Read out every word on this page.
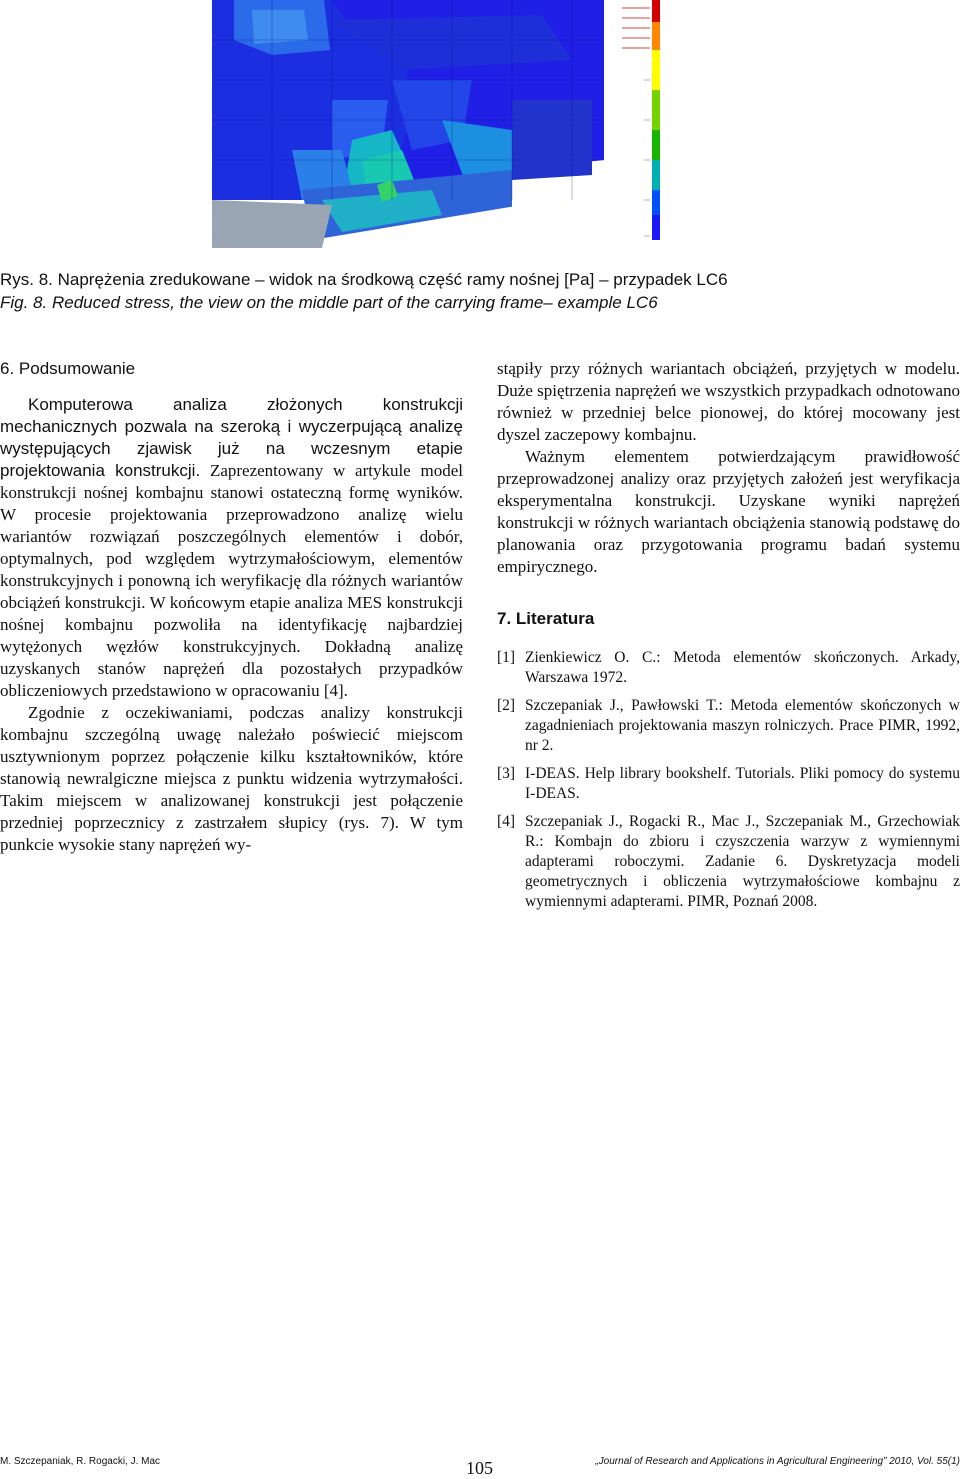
Rys. 8. Naprężenia zredukowane – widok na środkową część ramy nośnej [Pa] – przypadek LC6
Fig. 8. Reduced stress, the view on the middle part of the carrying frame– example LC6
6. Podsumowanie

Komputerowa analiza złożonych konstrukcji mechanicznych pozwala na szeroką i wyczerpującą analizę występujących zjawisk już na wczesnym etapie projektowania konstrukcji. Zaprezentowany w artykule model konstrukcji nośnej kombajnu stanowi ostateczną formę wyników. W procesie projektowania przeprowadzono analizę wielu wariantów rozwiązań poszczególnych elementów i dobór, optymalnych, pod względem wytrzymałościowym, elementów konstrukcyjnych i ponowną ich weryfikację dla różnych wariantów obciążeń konstrukcji. W końcowym etapie analiza MES konstrukcji nośnej kombajnu pozwoliła na identyfikację najbardziej wytężonych węzłów konstrukcyjnych. Dokładną analizę uzyskanych stanów naprężeń dla pozostałych przypadków obliczeniowych przedstawiono w opracowaniu [4].

Zgodnie z oczekiwaniami, podczas analizy konstrukcji kombajnu szczególną uwagę należało poświecić miejscom usztywnionym poprzez połączenie kilku kształtowników, które stanowią newralgiczne miejsca z punktu widzenia wytrzymałości. Takim miejscem w analizowanej konstrukcji jest połączenie przedniej poprzecznicy z zastrzałem słupicy (rys. 7). W tym punkcie wysokie stany naprężeń wy-

stąpiły przy różnych wariantach obciążeń, przyjętych w modelu. Duże spiętrzenia naprężeń we wszystkich przypadkach odnotowano również w przedniej belce pionowej, do której mocowany jest dyszel zaczepowy kombajnu.

Ważnym elementem potwierdzającym prawidłowość przeprowadzonej analizy oraz przyjętych założeń jest weryfikacja eksperymentalna konstrukcji. Uzyskane wyniki naprężeń konstrukcji w różnych wariantach obciążenia stanowią podstawę do planowania oraz przygotowania programu badań systemu empirycznego.

7. Literatura
[1] Zienkiewicz O. C.: Metoda elementów skończonych. Arkady, Warszawa 1972.
[2] Szczepaniak J., Pawłowski T.: Metoda elementów skończonych w zagadnieniach projektowania maszyn rolniczych. Prace PIMR, 1992, nr 2.
[3] I-DEAS. Help library bookshelf. Tutorials. Pliki pomocy do systemu I-DEAS.
[4] Szczepaniak J., Rogacki R., Mac J., Szczepaniak M., Grzechowiak R.: Kombajn do zbioru i czyszczenia warzyw z wymiennymi adapterami roboczymi. Zadanie 6. Dyskretyzacja modeli geometrycznych i obliczenia wytrzymałościowe kombajnu z wymiennymi adapterami. PIMR, Poznań 2008.
M. Szczepaniak, R. Rogacki, J. Mac	105	„Journal of Research and Applications in Agricultural Engineering” 2010, Vol. 55(1)
